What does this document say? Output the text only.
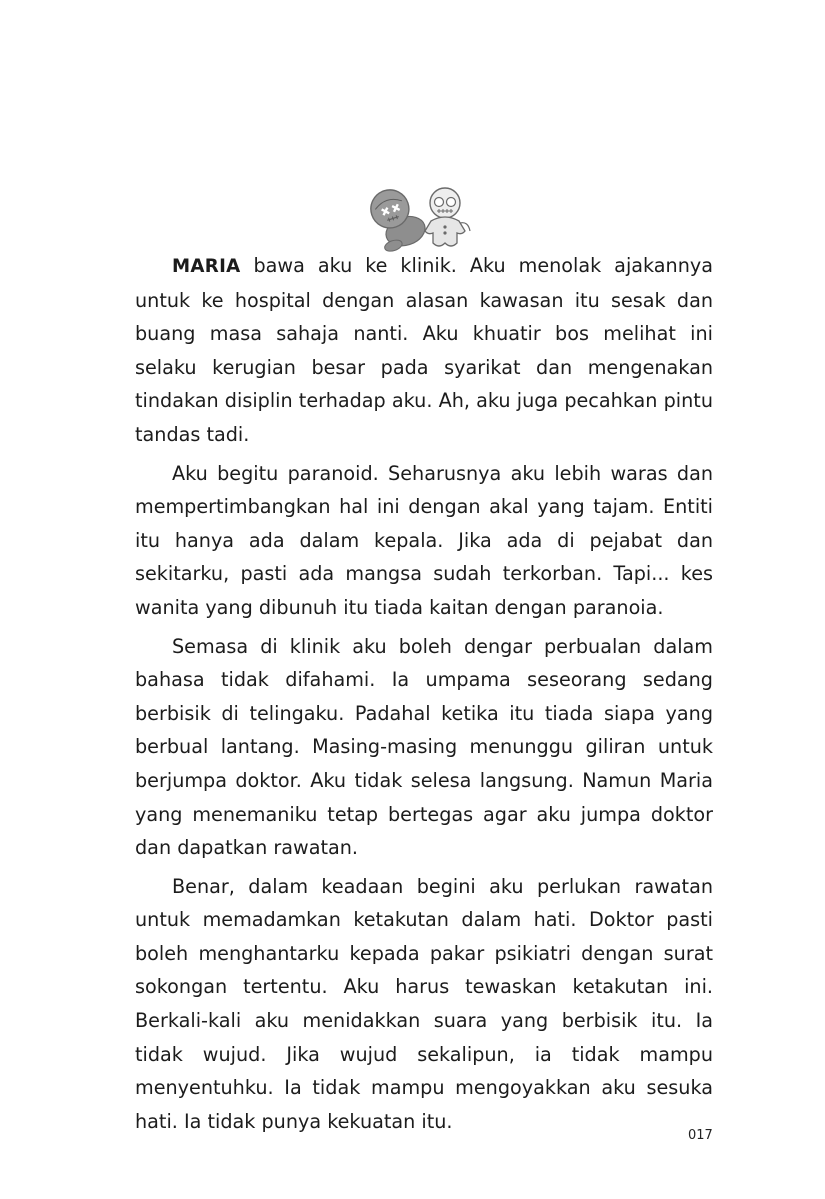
MARIA bawa aku ke klinik. Aku menolak ajakannya untuk ke hospital dengan alasan kawasan itu sesak dan buang masa sahaja nanti. Aku khuatir bos melihat ini selaku kerugian besar pada syarikat dan mengenakan tindakan disiplin terhadap aku. Ah, aku juga pecahkan pintu tandas tadi.

Aku begitu paranoid. Seharusnya aku lebih waras dan mempertimbangkan hal ini dengan akal yang tajam. Entiti itu hanya ada dalam kepala. Jika ada di pejabat dan sekitarku, pasti ada mangsa sudah terkorban. Tapi... kes wanita yang dibunuh itu tiada kaitan dengan paranoia.

Semasa di klinik aku boleh dengar perbualan dalam bahasa tidak difahami. Ia umpama seseorang sedang berbisik di telingaku. Padahal ketika itu tiada siapa yang berbual lantang. Masing-masing menunggu giliran untuk berjumpa doktor. Aku tidak selesa langsung. Namun Maria yang menemaniku tetap bertegas agar aku jumpa doktor dan dapatkan rawatan.

Benar, dalam keadaan begini aku perlukan rawatan untuk memadamkan ketakutan dalam hati. Doktor pasti boleh menghantarku kepada pakar psikiatri dengan surat sokongan tertentu. Aku harus tewaskan ketakutan ini. Berkali-kali aku menidakkan suara yang berbisik itu. Ia tidak wujud. Jika wujud sekalipun, ia tidak mampu menyentuhku. Ia tidak mampu mengoyakkan aku sesuka hati. Ia tidak punya kekuatan itu.

017
